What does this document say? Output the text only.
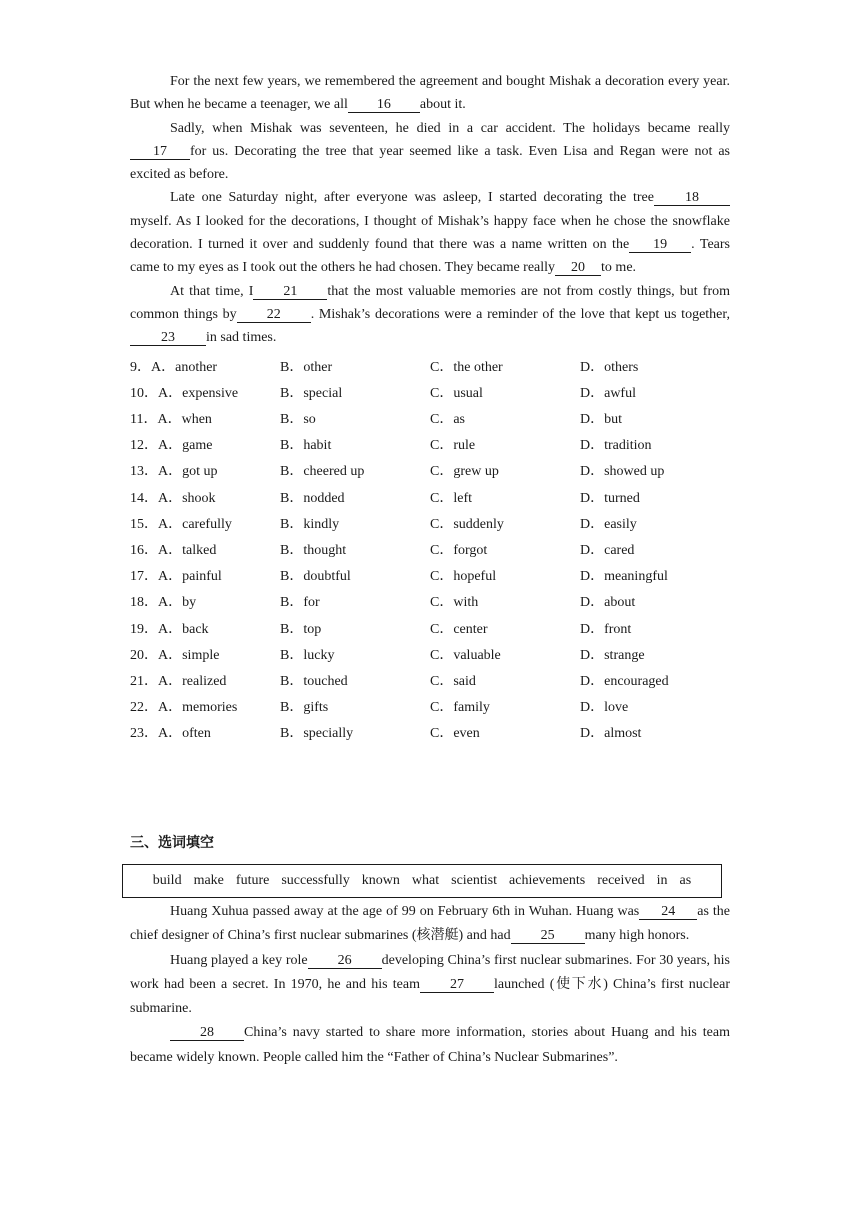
For the next few years, we remembered the agreement and bought Mishak a decoration every year. But when he became a teenager, we all 16 about it.

Sadly, when Mishak was seventeen, he died in a car accident. The holidays became really17 for us. Decorating the tree that year seemed like a task. Even Lisa and Regan were not as excited as before.

Late one Saturday night, after everyone was asleep, I started decorating the tree 18myself. As I looked for the decorations, I thought of Mishak’s happy face when he chose the snowflake decoration. I turned it over and suddenly found that there was a name written on the 19 . Tears came to my eyes as I took out the others he had chosen. They became really 20 to me.

At that time, I 21 that the most valuable memories are not from costly things, but from common things by 22 . Mishak’s decorations were a reminder of the love that kept us together,23 in sad times.

9．A．another	B．other	C．the other	D．others
10．A．expensive	B．special	C．usual	D．awful
11．A．when	B．so	C．as	D．but
12．A．game	B．habit	C．rule	D．tradition
13．A．got up	B．cheered up	C．grew up	D．showed up
14．A．shook	B．nodded	C．left	D．turned
15．A．carefully	B．kindly	C．suddenly	D．easily
16．A．talked	B．thought	C．forgot	D．cared
17．A．painful	B．doubtful	C．hopeful	D．meaningful
18．A．by	B．for	C．with	D．about
19．A．back	B．top	C．center	D．front
20．A．simple	B．lucky	C．valuable	D．strange
21．A．realized	B．touched	C．said	D．encouraged
22．A．memories	B．gifts	C．family	D．love
23．A．often	B．specially	C．even	D．almost
三、选词填空
build make future successfully known what scientist achievements received in as

Huang Xuhua passed away at the age of 99 on February 6th in Wuhan. Huang was 24 as the chief designer of China’s first nuclear submarines (核潜艇) and had 25 many high honors.

Huang played a key role 26 developing China’s first nuclear submarines. For 30 years, his work had been a secret. In 1970, he and his team 27 launched (使下水) China’s first nuclear submarine.

28 China’s navy started to share more information, stories about Huang and his team became widely known. People called him the “Father of China’s Nuclear Submarines”.
